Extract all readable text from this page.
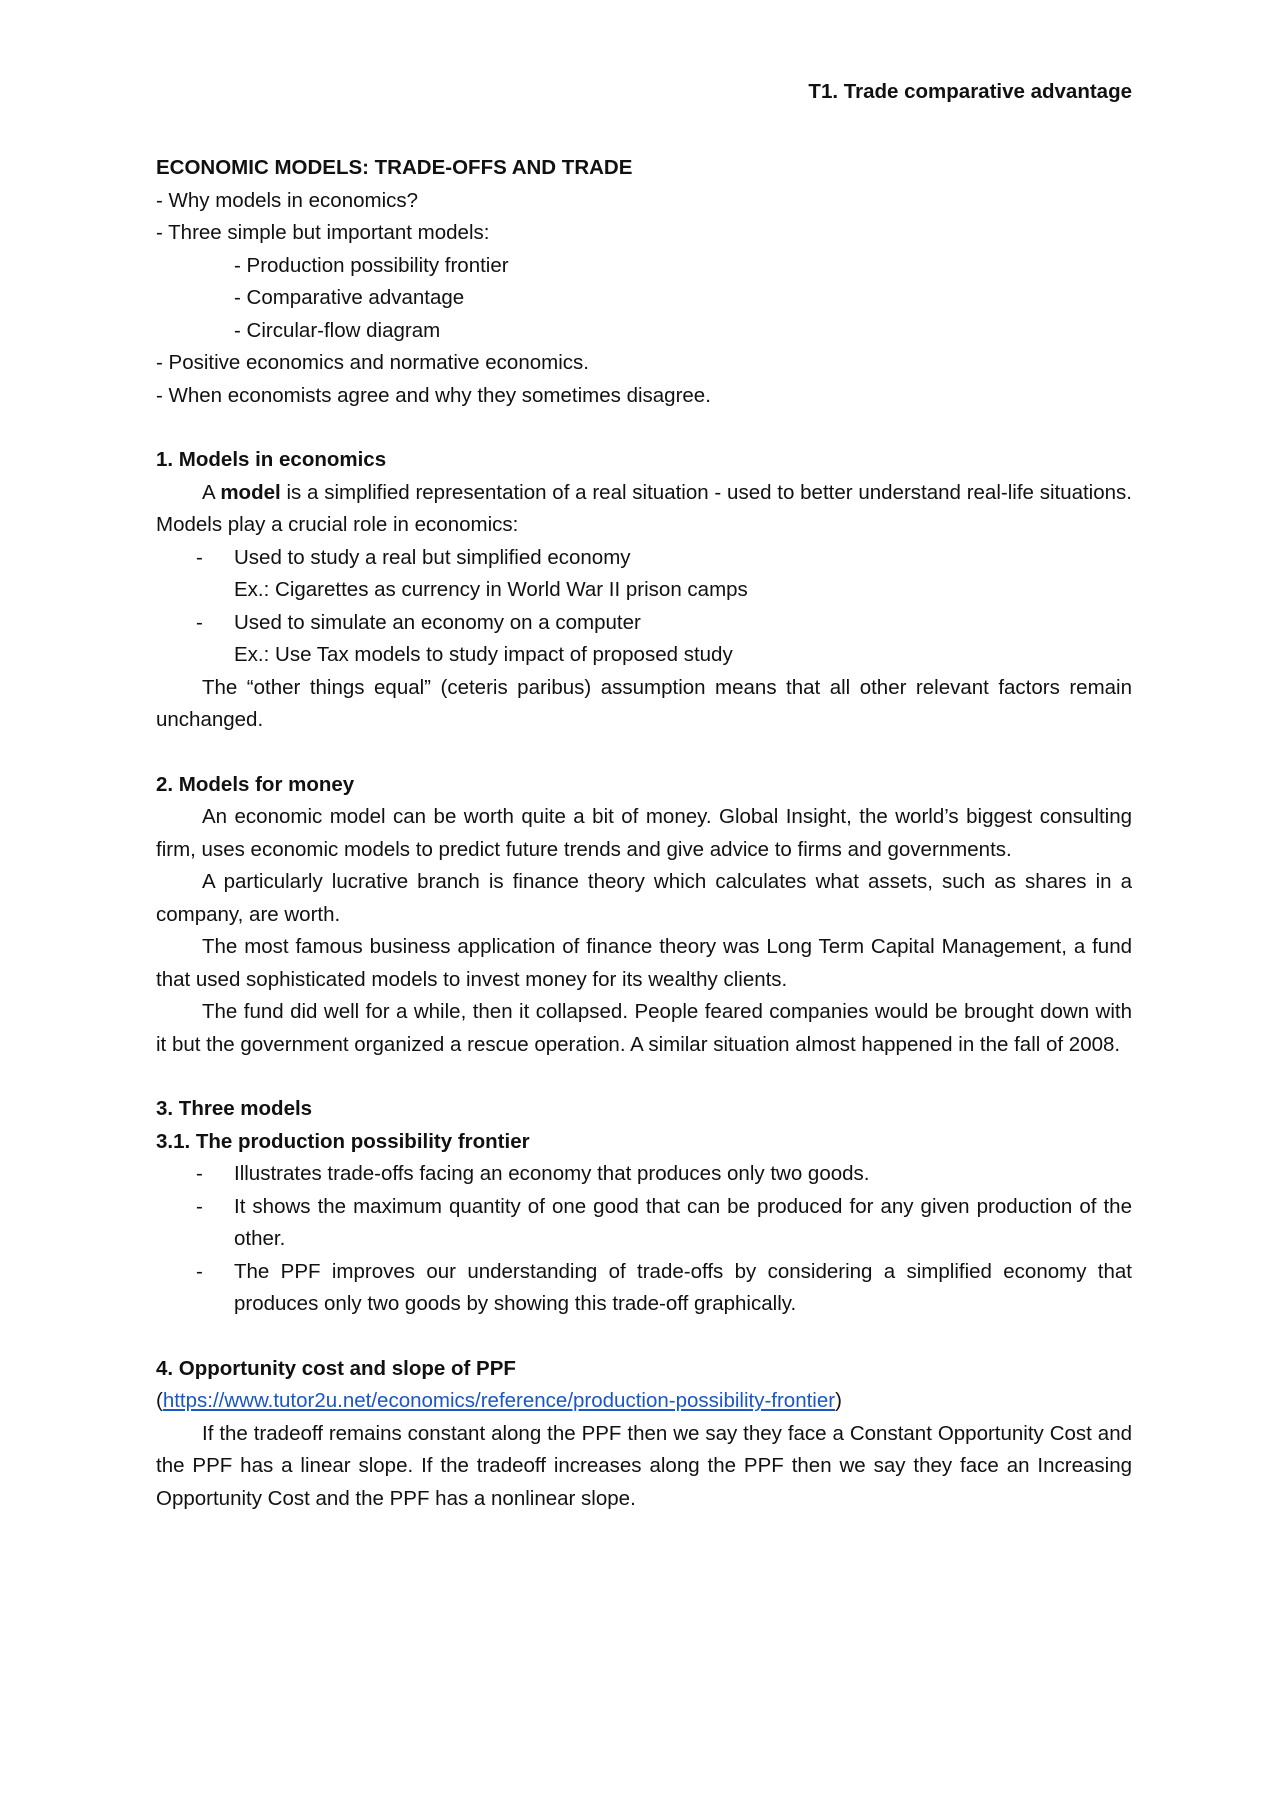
T1. Trade comparative advantage

ECONOMIC MODELS: TRADE-OFFS AND TRADE

- Why models in economics?

- Three simple but important models:

- Production possibility frontier

- Comparative advantage

- Circular-flow diagram

- Positive economics and normative economics.

- When economists agree and why they sometimes disagree.

1. Models in economics

A model is a simplified representation of a real situation - used to better understand real-life situations. Models play a crucial role in economics:

-	Used to study a real but simplified economy

Ex.: Cigarettes as currency in World War II prison camps

-	Used to simulate an economy on a computer

Ex.: Use Tax models to study impact of proposed study

The “other things equal” (ceteris paribus) assumption means that all other relevant factors remain unchanged.

2. Models for money

An economic model can be worth quite a bit of money. Global Insight, the world’s biggest consulting firm, uses economic models to predict future trends and give advice to firms and governments.

A particularly lucrative branch is finance theory which calculates what assets, such as shares in a company, are worth.

The most famous business application of finance theory was Long Term Capital Management, a fund that used sophisticated models to invest money for its wealthy clients.

The fund did well for a while, then it collapsed. People feared companies would be brought down with it but the government organized a rescue operation. A similar situation almost happened in the fall of 2008.

3. Three models

3.1. The production possibility frontier

-	Illustrates trade-offs facing an economy that produces only two goods.
-	It shows the maximum quantity of one good that can be produced for any given production of the other.
-	The PPF improves our understanding of trade-offs by considering a simplified economy that produces only two goods by showing this trade-off graphically.

4. Opportunity cost and slope of PPF

(https://www.tutor2u.net/economics/reference/production-possibility-frontier)

If the tradeoff remains constant along the PPF then we say they face a Constant Opportunity Cost and the PPF has a linear slope. If the tradeoff increases along the PPF then we say they face an Increasing Opportunity Cost and the PPF has a nonlinear slope.
